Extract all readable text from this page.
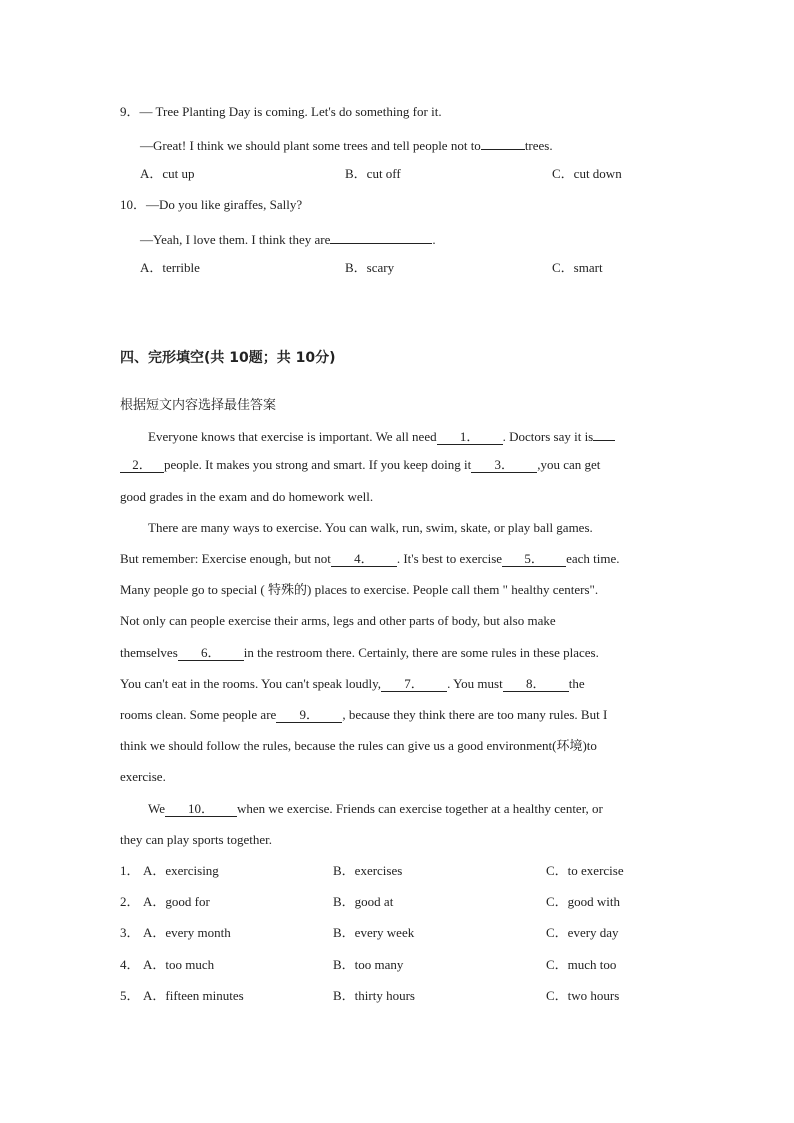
9．— Tree Planting Day is coming. Let's do something for it.
—Great! I think we should plant some trees and tell people not to	trees.
A．cut up	B．cut off	C．cut down
10．—Do you like giraffes, Sally?
—Yeah, I love them. I think they are	.
A．terrible	B．scary	C．smart
四、完形填空(共 10题；共 10分)
根据短文内容选择最佳答案
Everyone knows that exercise is important. We all need 1． . Doctors say it is
2． people. It makes you strong and smart. If you keep doing it 3． ,you can get
good grades in the exam and do homework well.
There are many ways to exercise. You can walk, run, swim, skate, or play ball games.
But remember: Exercise enough, but not 4． . It's best to exercise 5． each time.
Many people go to special ( 特殊的) places to exercise. People call them " healthy centers".
Not only can people exercise their arms, legs and other parts of body, but also make
themselves 6． in the restroom there. Certainly, there are some rules in these places.
You can't eat in the rooms. You can't speak loudly, 7． . You must 8． the
rooms clean. Some people are 9． , because they think there are too many rules. But I
think we should follow the rules, because the rules can give us a good environment(环境)to
exercise.
We 10． when we exercise. Friends can exercise together at a healthy center, or
they can play sports together.
1． A．exercising	B．exercises	C．to exercise
2． A．good for	B．good at	C．good with
3． A．every month	B．every week	C．every day
4． A．too much	B．too many	C．much too
5． A．fifteen minutes	B．thirty hours	C．two hours
